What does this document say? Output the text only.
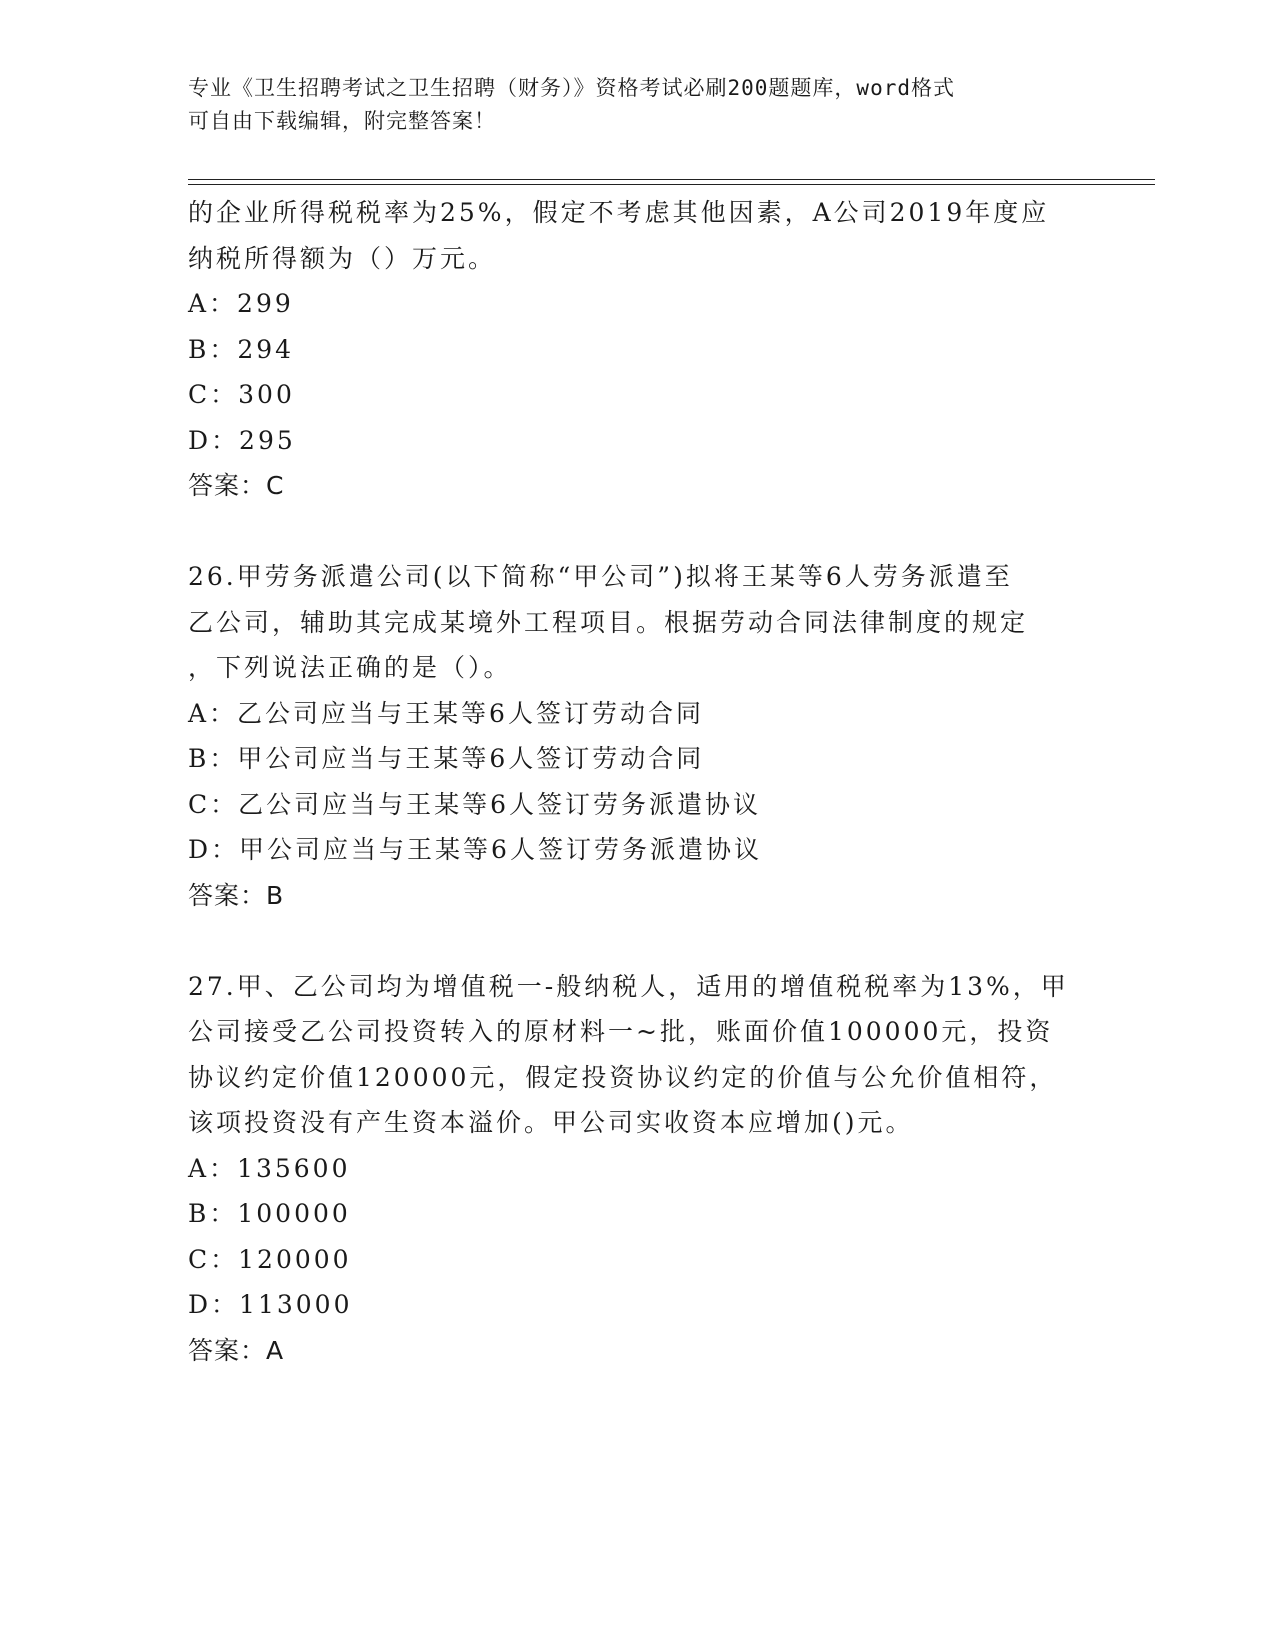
专业《卫生招聘考试之卫生招聘（财务）》资格考试必刷200题题库，word格式
可自由下载编辑，附完整答案！
的企业所得税税率为25%，假定不考虑其他因素，A公司2019年度应
纳税所得额为（）万元。
A：299
B：294
C：300
D：295
答案：C
26.甲劳务派遣公司(以下简称“甲公司”)拟将王某等6人劳务派遣至
乙公司，辅助其完成某境外工程项目。根据劳动合同法律制度的规定
，下列说法正确的是（）。
A：乙公司应当与王某等6人签订劳动合同
B：甲公司应当与王某等6人签订劳动合同
C：乙公司应当与王某等6人签订劳务派遣协议
D：甲公司应当与王某等6人签订劳务派遣协议
答案：B
27.甲、乙公司均为增值税一-般纳税人，适用的增值税税率为13%，甲
公司接受乙公司投资转入的原材料一~批，账面价值100000元，投资
协议约定价值120000元，假定投资协议约定的价值与公允价值相符，
该项投资没有产生资本溢价。甲公司实收资本应增加()元。
A：135600
B：100000
C：120000
D：113000
答案：A
